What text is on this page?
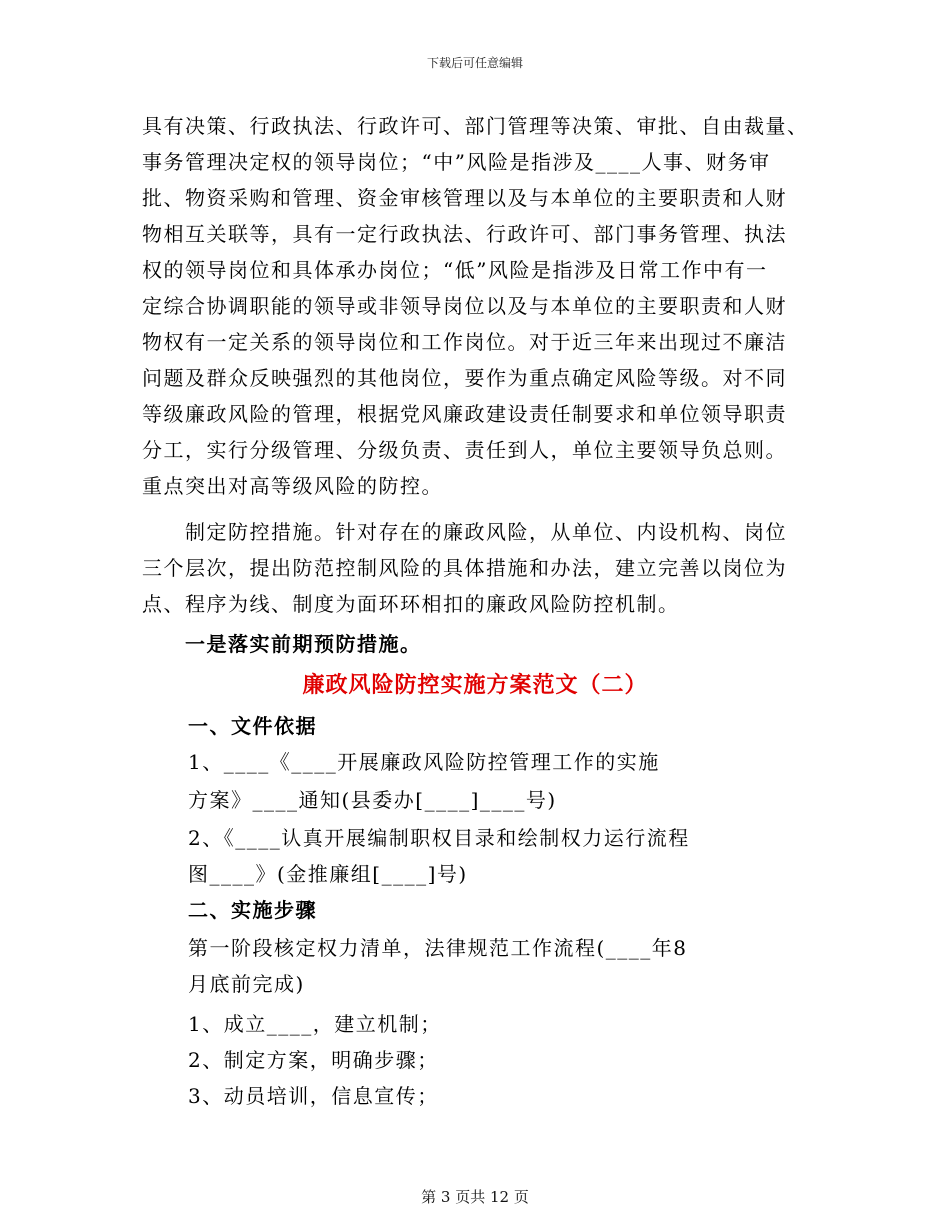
下载后可任意编辑
具有决策、行政执法、行政许可、部门管理等决策、审批、自由裁量、
事务管理决定权的领导岗位；“中”风险是指涉及____人事、财务审
批、物资采购和管理、资金审核管理以及与本单位的主要职责和人财
物相互关联等，具有一定行政执法、行政许可、部门事务管理、执法
权的领导岗位和具体承办岗位；“低”风险是指涉及日常工作中有一
定综合协调职能的领导或非领导岗位以及与本单位的主要职责和人财
物权有一定关系的领导岗位和工作岗位。对于近三年来出现过不廉洁
问题及群众反映强烈的其他岗位，要作为重点确定风险等级。对不同
等级廉政风险的管理，根据党风廉政建设责任制要求和单位领导职责
分工，实行分级管理、分级负责、责任到人，单位主要领导负总则。
重点突出对高等级风险的防控。
　　制定防控措施。针对存在的廉政风险，从单位、内设机构、岗位
三个层次，提出防范控制风险的具体措施和办法，建立完善以岗位为
点、程序为线、制度为面环环相扣的廉政风险防控机制。
　　一是落实前期预防措施。
廉政风险防控实施方案范文（二）
一、文件依据
1、____《____开展廉政风险防控管理工作的实施
方案》____通知(县委办[____]____号)
2、《____认真开展编制职权目录和绘制权力运行流程
图____》(金推廉组[____]号)
二、实施步骤
第一阶段核定权力清单，法律规范工作流程(____年8
月底前完成)
1、成立____，建立机制；
2、制定方案，明确步骤；
3、动员培训，信息宣传；
第 3 页共 12 页
